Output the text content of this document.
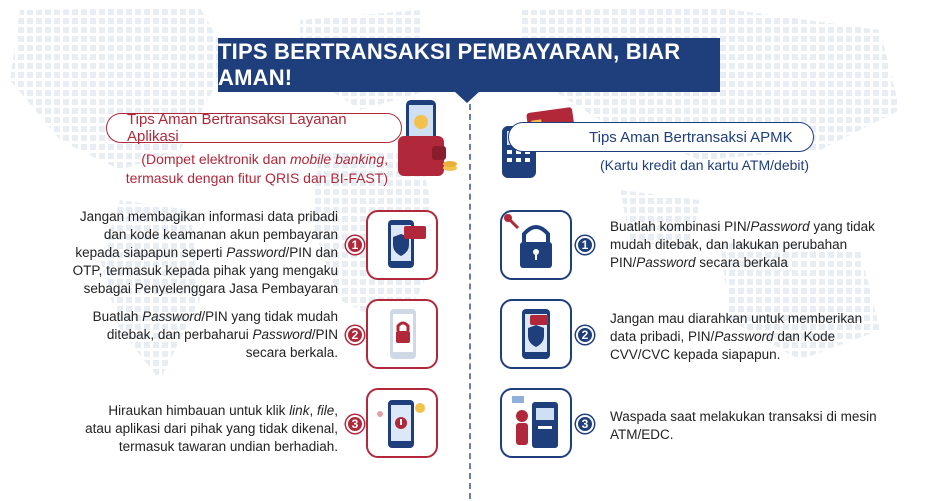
TIPS BERTRANSAKSI PEMBAYARAN, BIAR AMAN!
Tips Aman Bertransaksi Layanan Aplikasi
(Dompet elektronik dan mobile banking,
termasuk dengan fitur QRIS dan BI-FAST)
Tips Aman Bertransaksi APMK
(Kartu kredit dan kartu ATM/debit)
Jangan membagikan informasi data pribadi
dan kode keamanan akun pembayaran
kepada siapapun seperti Password/PIN dan
OTP, termasuk kepada pihak yang mengaku
sebagai Penyelenggara Jasa Pembayaran
1
Buatlah Password/PIN yang tidak mudah
ditebak, dan perbaharui Password/PIN
secara berkala.
2
Hiraukan himbauan untuk klik link, file,
atau aplikasi dari pihak yang tidak dikenal,
termasuk tawaran undian berhadiah.
3
1
Buatlah kombinasi PIN/Password yang tidak
mudah ditebak, dan lakukan perubahan
PIN/Password secara berkala
2
Jangan mau diarahkan untuk memberikan
data pribadi, PIN/Password dan Kode
CVV/CVC kepada siapapun.
3	Waspada saat melakukan transaksi di mesin
ATM/EDC.
